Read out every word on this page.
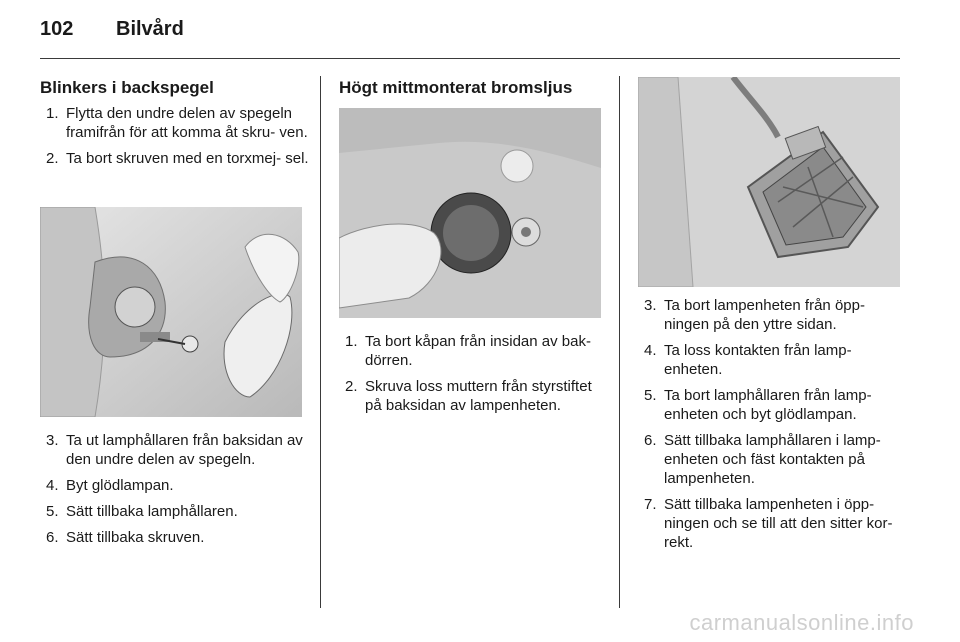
102 Bilvård
Blinkers i backspegel
1. Flytta den undre delen av spegeln framifrån för att komma åt skru- ven.
2. Ta bort skruven med en torxmej- sel.
3. Ta ut lamphållaren från baksidan av den undre delen av spegeln.
4. Byt glödlampan.
5. Sätt tillbaka lamphållaren.
6. Sätt tillbaka skruven.
Högt mittmonterat bromsljus
1. Ta bort kåpan från insidan av bak- dörren.
2. Skruva loss muttern från styrstiftet på baksidan av lampenheten.
3. Ta bort lampenheten från öpp- ningen på den yttre sidan.
4. Ta loss kontakten från lamp- enheten.
5. Ta bort lamphållaren från lamp- enheten och byt glödlampan.
6. Sätt tillbaka lamphållaren i lamp- enheten och fäst kontakten på lampenheten.
7. Sätt tillbaka lampenheten i öpp- ningen och se till att den sitter kor- rekt.
carmanualsonline.info
